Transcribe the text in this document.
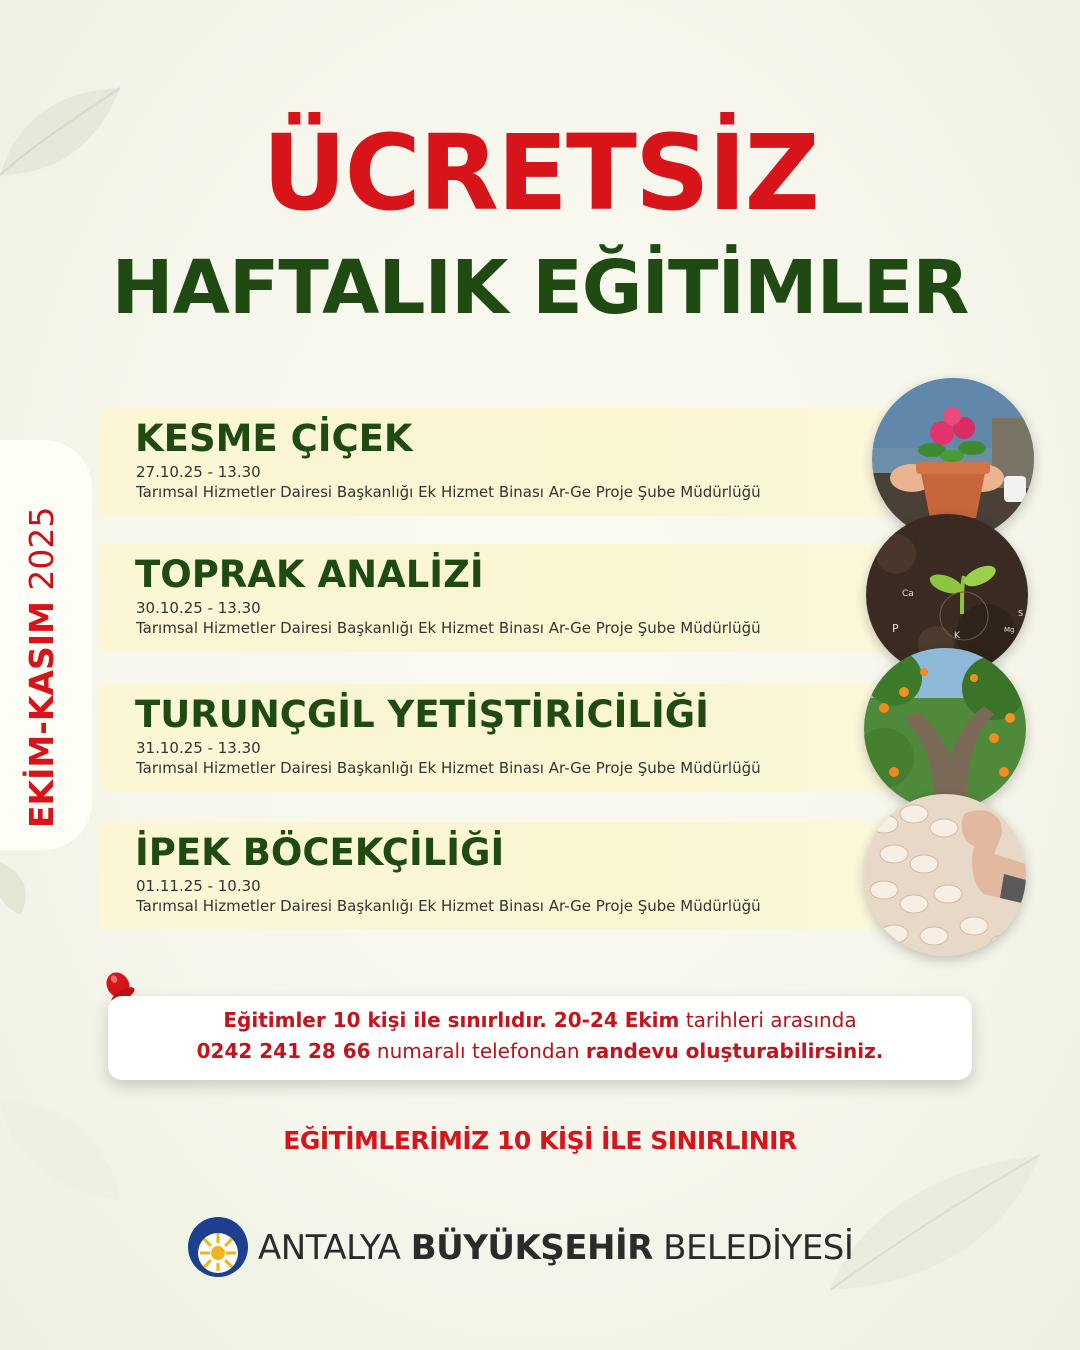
ÜCRETSİZ
HAFTALIK EĞİTİMLER
EKİM-KASIM 2025
KESME ÇİÇEK
27.10.25 - 13.30
Tarımsal Hizmetler Dairesi Başkanlığı Ek Hizmet Binası Ar-Ge Proje Şube Müdürlüğü
TOPRAK ANALİZİ
30.10.25 - 13.30
Tarımsal Hizmetler Dairesi Başkanlığı Ek Hizmet Binası Ar-Ge Proje Şube Müdürlüğü
TURUNÇGİL YETİŞTİRİCİLİĞİ
31.10.25 - 13.30
Tarımsal Hizmetler Dairesi Başkanlığı Ek Hizmet Binası Ar-Ge Proje Şube Müdürlüğü
İPEK BÖCEKÇİLİĞİ
01.11.25 - 10.30
Tarımsal Hizmetler Dairesi Başkanlığı Ek Hizmet Binası Ar-Ge Proje Şube Müdürlüğü
Ca
P
K
S
Mg
Eğitimler 10 kişi ile sınırlıdır. 20-24 Ekim tarihleri arasında
0242 241 28 66 numaralı telefondan randevu oluşturabilirsiniz.
EĞİTİMLERİMİZ 10 KİŞİ İLE SINIRLINIR
ANTALYA BÜYÜKŞEHİR BELEDİYESİ
